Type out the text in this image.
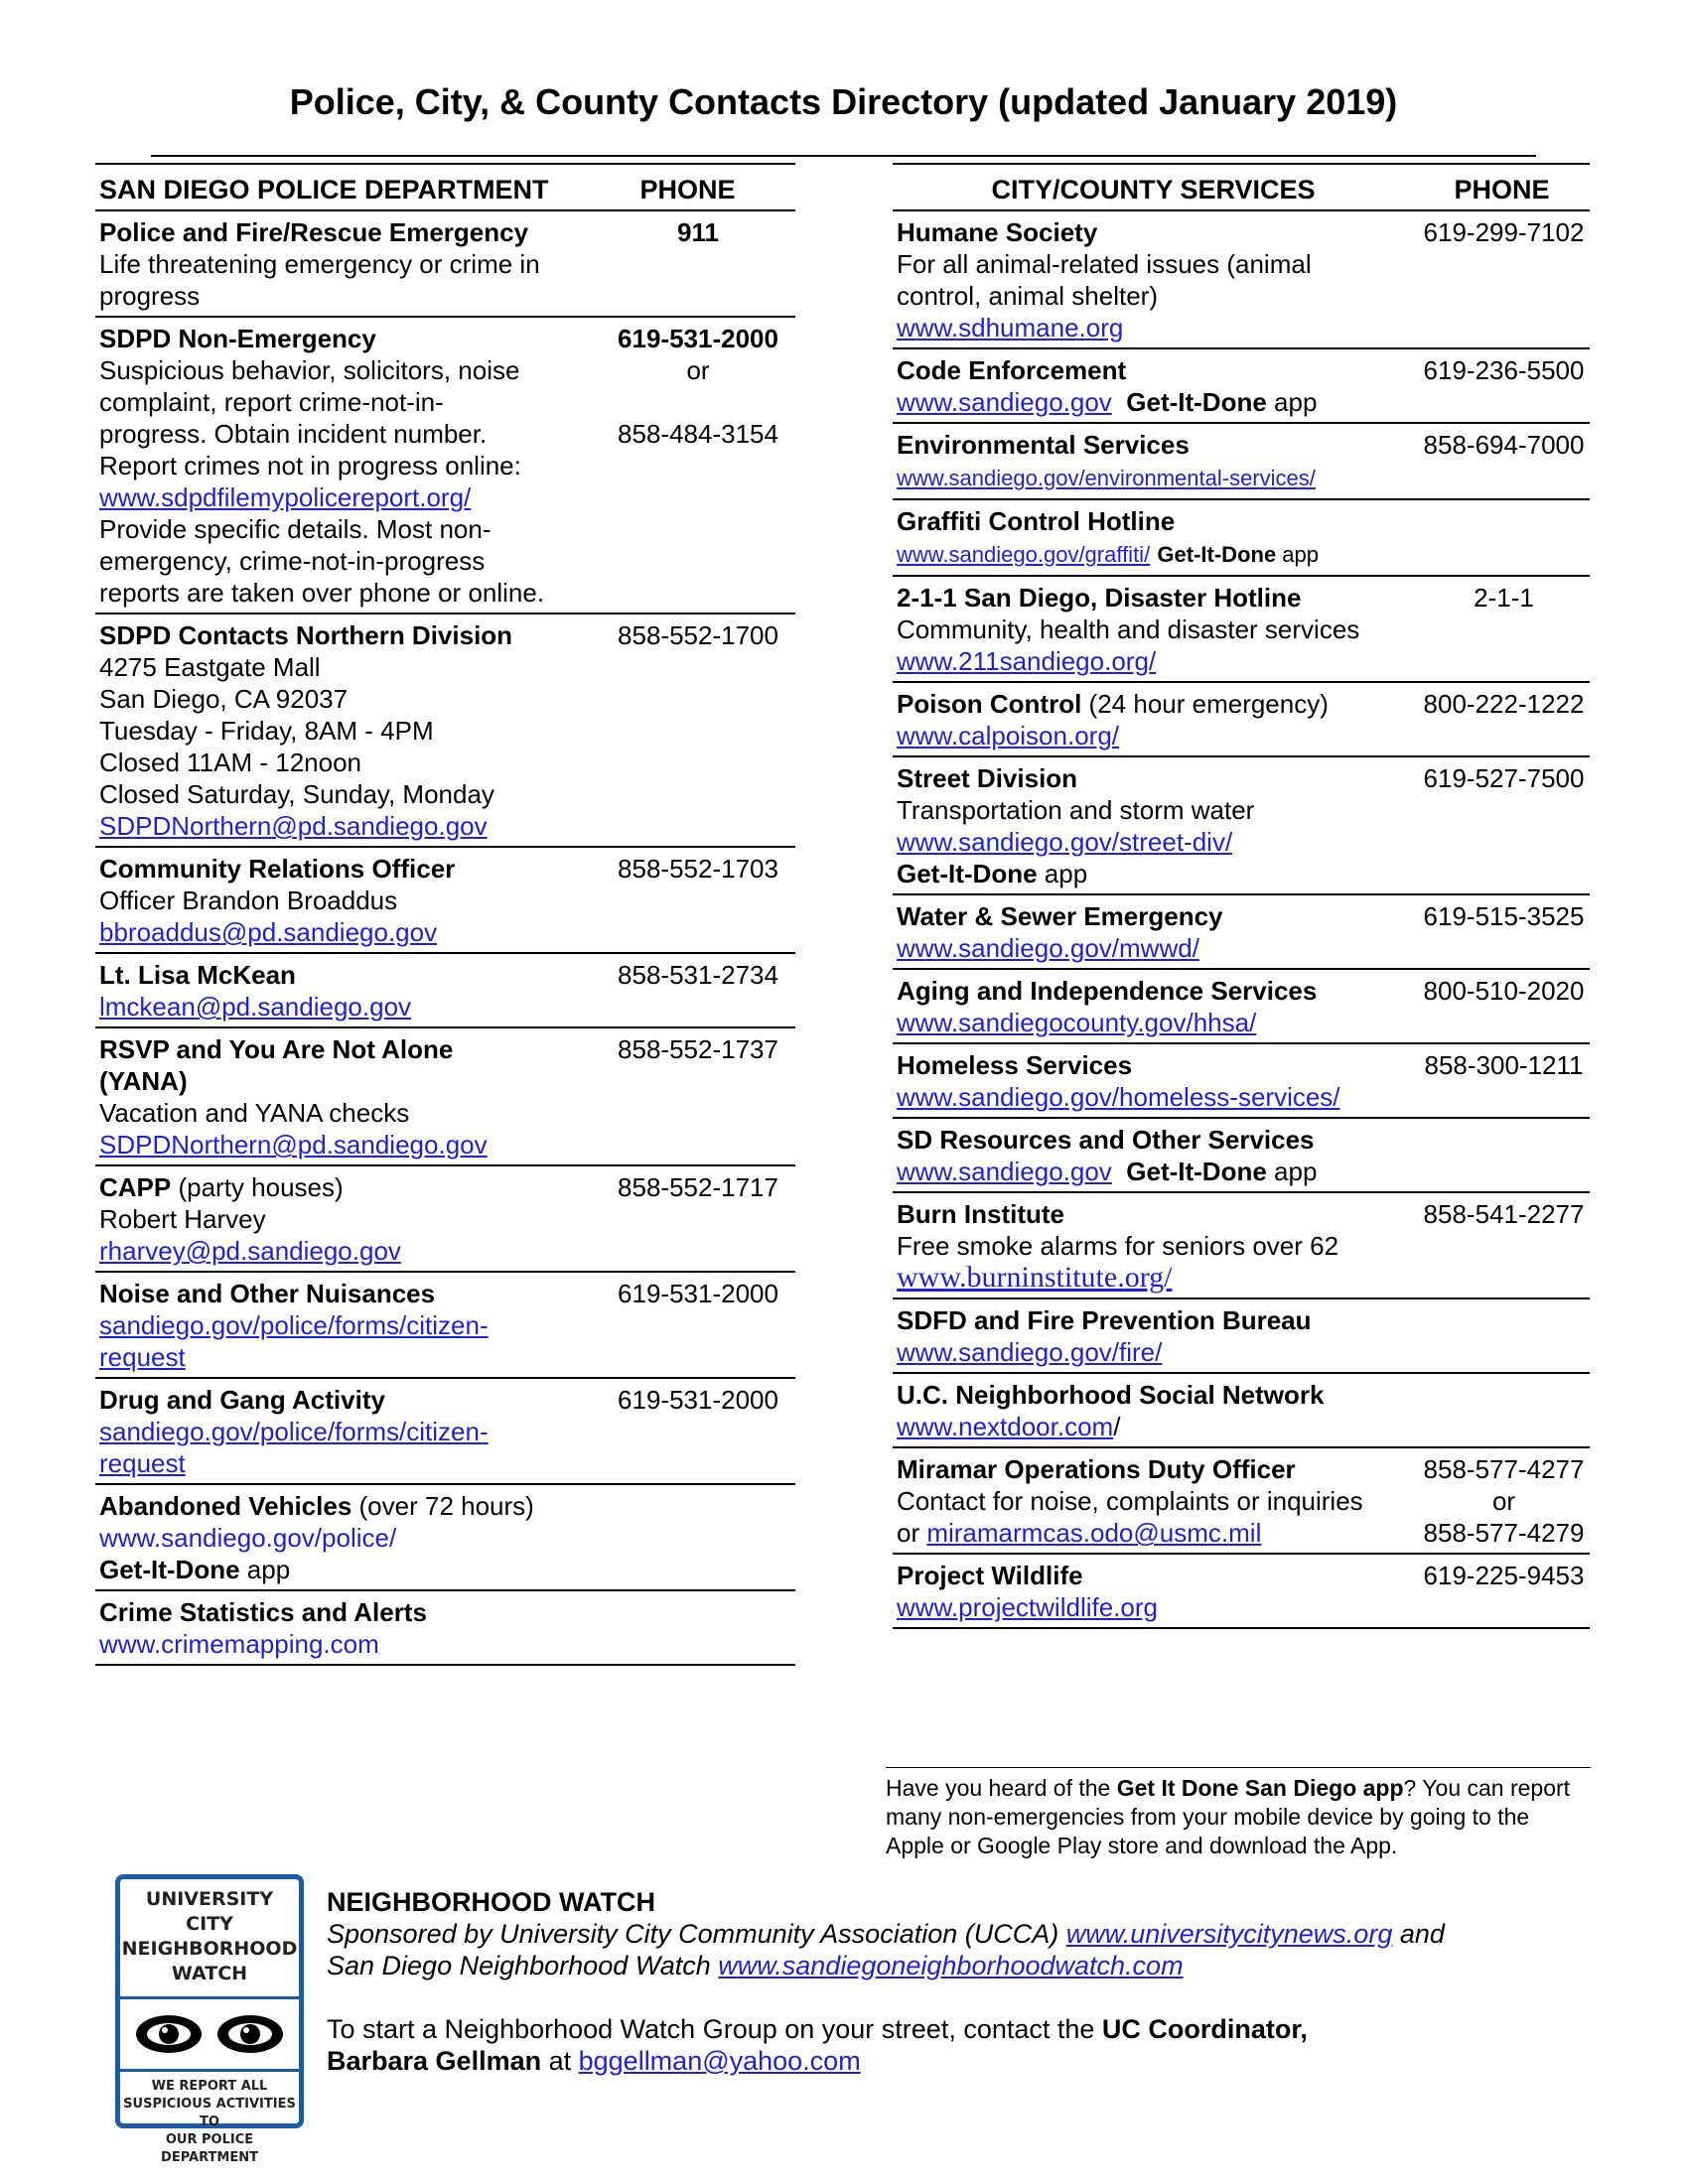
Police, City, & County Contacts Directory (updated January 2019)
SAN DIEGO POLICE DEPARTMENT	PHONE
Police and Fire/Rescue Emergency
Life threatening emergency or crime in
progress
911
SDPD Non-Emergency
Suspicious behavior, solicitors, noise
complaint, report crime-not-in-
progress. Obtain incident number.
Report crimes not in progress online:
www.sdpdfilemypolicereport.org/
Provide specific details. Most non-
emergency, crime-not-in-progress
reports are taken over phone or online.
619-531-2000
or
858-484-3154
SDPD Contacts Northern Division
4275 Eastgate Mall
San Diego, CA 92037
Tuesday - Friday, 8AM - 4PM
Closed 11AM - 12noon
Closed Saturday, Sunday, Monday
SDPDNorthern@pd.sandiego.gov
858-552-1700
Community Relations Officer
Officer Brandon Broaddus
bbroaddus@pd.sandiego.gov
858-552-1703
Lt. Lisa McKean
lmckean@pd.sandiego.gov
858-531-2734
RSVP and You Are Not Alone
(YANA)
Vacation and YANA checks
SDPDNorthern@pd.sandiego.gov
858-552-1737
CAPP (party houses)
Robert Harvey
rharvey@pd.sandiego.gov
858-552-1717
Noise and Other Nuisances
sandiego.gov/police/forms/citizen-
request
619-531-2000
Drug and Gang Activity
sandiego.gov/police/forms/citizen-
request
619-531-2000
Abandoned Vehicles (over 72 hours)
www.sandiego.gov/police/
Get-It-Done app
Crime Statistics and Alerts
www.crimemapping.com
CITY/COUNTY SERVICES	PHONE
Humane Society
For all animal-related issues (animal
control, animal shelter)
www.sdhumane.org
619-299-7102
Code Enforcement
www.sandiego.gov Get-It-Done app
619-236-5500
Environmental Services
www.sandiego.gov/environmental-services/
858-694-7000
Graffiti Control Hotline
www.sandiego.gov/graffiti/ Get-It-Done app
2-1-1 San Diego, Disaster Hotline
Community, health and disaster services
www.211sandiego.org/
2-1-1
Poison Control (24 hour emergency)
www.calpoison.org/
800-222-1222
Street Division
Transportation and storm water
www.sandiego.gov/street-div/
Get-It-Done app
619-527-7500
Water & Sewer Emergency
www.sandiego.gov/mwwd/
619-515-3525
Aging and Independence Services
www.sandiegocounty.gov/hhsa/
800-510-2020
Homeless Services
www.sandiego.gov/homeless-services/
858-300-1211
SD Resources and Other Services
www.sandiego.gov Get-It-Done app
Burn Institute
Free smoke alarms for seniors over 62
www.burninstitute.org/
858-541-2277
SDFD and Fire Prevention Bureau
www.sandiego.gov/fire/
U.C. Neighborhood Social Network
www.nextdoor.com/
Miramar Operations Duty Officer
Contact for noise, complaints or inquiries
or miramarmcas.odo@usmc.mil
858-577-4277
or
858-577-4279
Project Wildlife
www.projectwildlife.org
619-225-9453
Have you heard of the Get It Done San Diego app? You can report many non-emergencies from your mobile device by going to the Apple or Google Play store and download the App.
UNIVERSITY CITY
NEIGHBORHOOD
WATCH
WE REPORT ALL
SUSPICIOUS ACTIVITIES TO
OUR POLICE DEPARTMENT
NEIGHBORHOOD WATCH
Sponsored by University City Community Association (UCCA) www.universitycitynews.org and
San Diego Neighborhood Watch www.sandiegoneighborhoodwatch.com
To start a Neighborhood Watch Group on your street, contact the UC Coordinator,
Barbara Gellman at bggellman@yahoo.com
